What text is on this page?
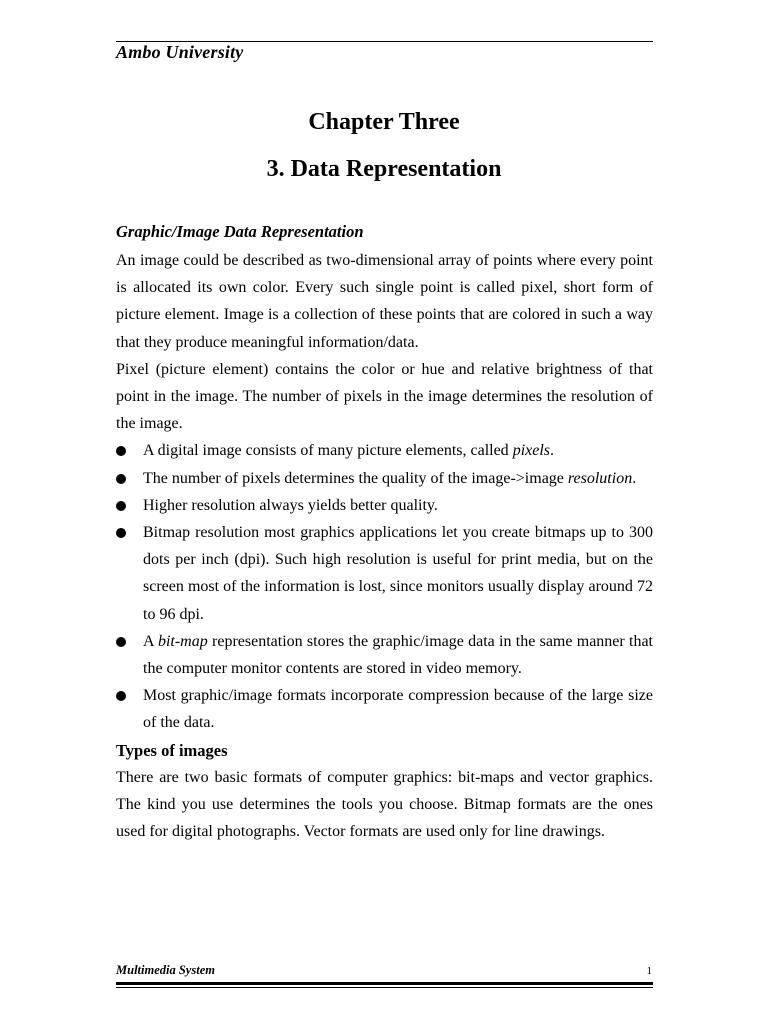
Ambo University
Chapter Three
3. Data Representation
Graphic/Image Data Representation

An image could be described as two-dimensional array of points where every point is allocated its own color. Every such single point is called pixel, short form of picture element. Image is a collection of these points that are colored in such a way that they produce meaningful information/data.

Pixel (picture element) contains the color or hue and relative brightness of that point in the image. The number of pixels in the image determines the resolution of the image.

A digital image consists of many picture elements, called pixels.
The number of pixels determines the quality of the image->image resolution.
Higher resolution always yields better quality.
Bitmap resolution most graphics applications let you create bitmaps up to 300 dots per inch (dpi). Such high resolution is useful for print media, but on the screen most of the information is lost, since monitors usually display around 72 to 96 dpi.
A bit-map representation stores the graphic/image data in the same manner that the computer monitor contents are stored in video memory.
Most graphic/image formats incorporate compression because of the large size of the data.
Types of images

There are two basic formats of computer graphics: bit-maps and vector graphics. The kind you use determines the tools you choose. Bitmap formats are the ones used for digital photographs. Vector formats are used only for line drawings.

Multimedia System	1
